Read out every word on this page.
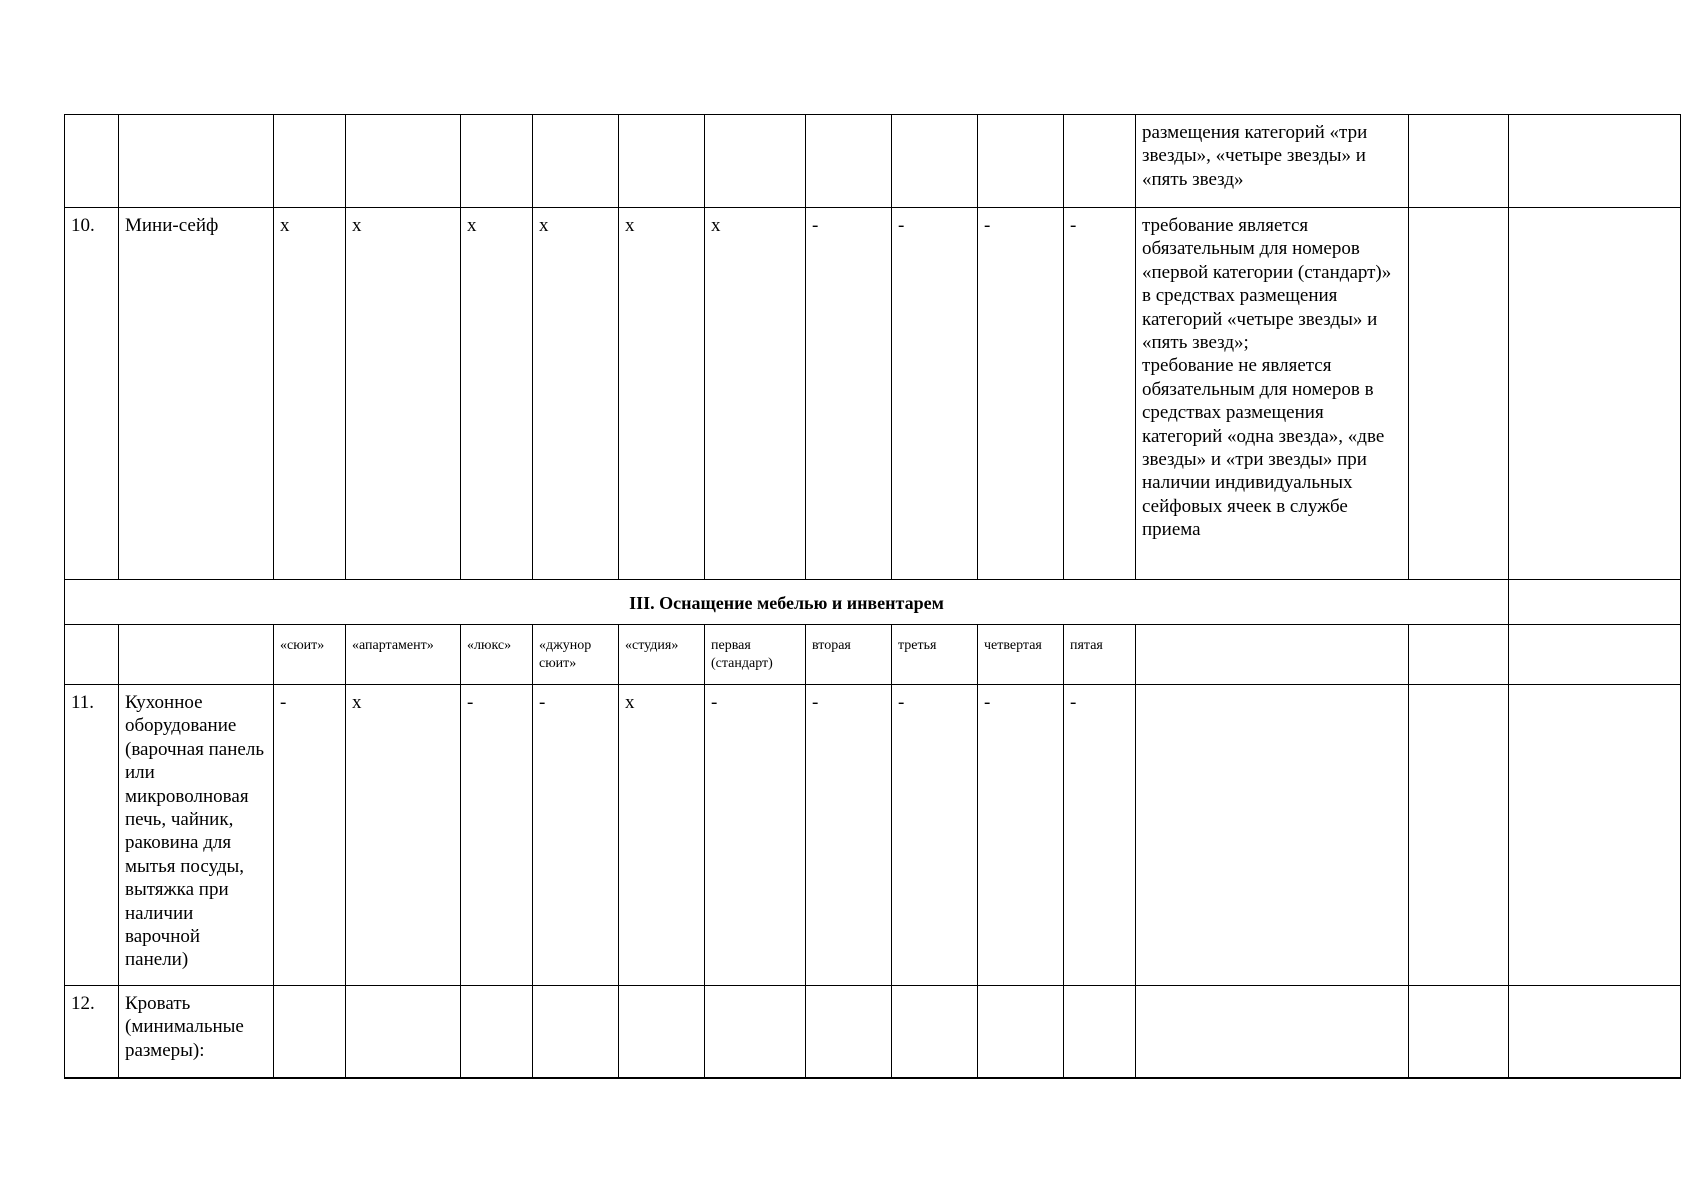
												размещения категорий «три звезды», «четыре звезды» и «пять звезд»		
10.	Мини-сейф	х	х	х	х	х	х	-	-	-	-	требование является обязательным для номеров «первой категории (стандарт)» в средствах размещения категорий «четыре звезды» и «пять звезд»;
требование не является обязательным для номеров в средствах размещения категорий «одна звезда», «две звезды» и «три звезды» при наличии индивидуальных сейфовых ячеек в службе приема		
III. Оснащение мебелью и инвентарем														
		«сюит»	«апартамент»	«люкс»	«джунор сюит»	«студия»	первая (стандарт)	вторая	третья	четвертая	пятая			
11.	Кухонное оборудование (варочная панель или микроволновая печь, чайник, раковина для мытья посуды, вытяжка при наличии варочной панели)	-	х	-	-	х	-	-	-	-	-			
12.	Кровать (минимальные размеры):													
